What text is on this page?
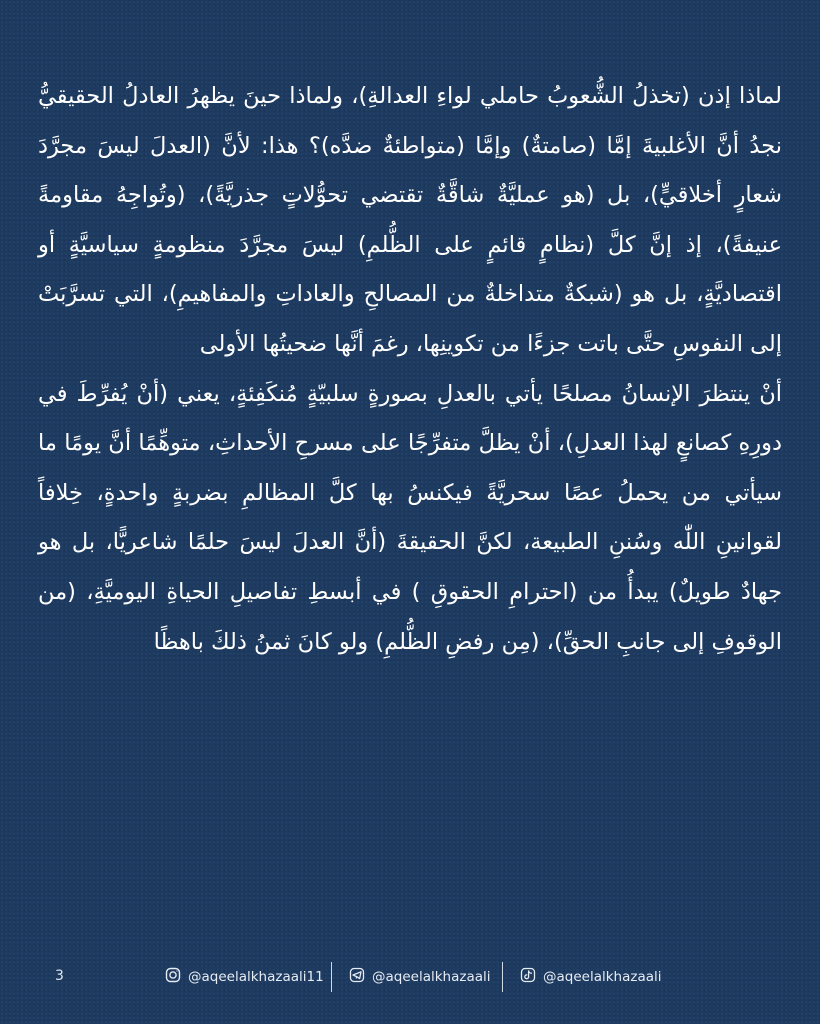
لماذا إذن (تخذلُ الشُّعوبُ حاملي لواءِ العدالةِ)، ولماذا حينَ يظهرُ العادلُ الحقيقيُّ نجدُ أنَّ الأغلبيةَ إمَّا (صامتةٌ) وإمَّا (متواطئةٌ ضدَّه)؟ هذا: لأنَّ (العدلَ ليسَ مجرَّدَ شعارٍ أخلاقيٍّ)، بل (هو عمليَّةٌ شاقَّةٌ تقتضي تحوُّلاتٍ جذريَّةً)، (وتُواجِهُ مقاومةً عنيفةً)، إذ إنَّ كلَّ (نظامٍ قائمٍ على الظُّلمِ) ليسَ مجرَّدَ منظومةٍ سياسيَّةٍ أو اقتصاديَّةٍ، بل هو (شبكةٌ متداخلةٌ من المصالحِ والعاداتِ والمفاهيمِ)، التي تسرَّبَتْ إلى النفوسِ حتَّى باتت جزءًا من تكوينِها، رغمَ أنَّها ضحيتُها الأولى

أنْ ينتظرَ الإنسانُ مصلحًا يأتي بالعدلِ بصورةٍ سلبيّةٍ مُنكَفِئةٍ، يعني (أنْ يُفرِّطَ في دورِهِ كصانعٍ لهذا العدلِ)، أنْ يظلَّ متفرِّجًا على مسرحِ الأحداثِ، متوهِّمًا أنَّ يومًا ما سيأتي من يحملُ عصًا سحريَّةً فيكنسُ بها كلَّ المظالمِ بضربةٍ واحدةٍ، خِلافاً لقوانينِ اللّٰه وسُننِ الطبيعة، لكنَّ الحقيقةَ (أنَّ العدلَ ليسَ حلمًا شاعريًّا، بل هو جهادٌ طويلٌ) يبدأُ من (احترامِ الحقوقِ ) في أبسطِ تفاصيلِ الحياةِ اليوميَّةِ، (من الوقوفِ إلى جانبِ الحقِّ)، (مِن رفضِ الظُّلمِ) ولو كانَ ثمنُ ذلكَ باهظًا

3	@aqeelalkhazaali11	@aqeelalkhazaali	@aqeelalkhazaali
